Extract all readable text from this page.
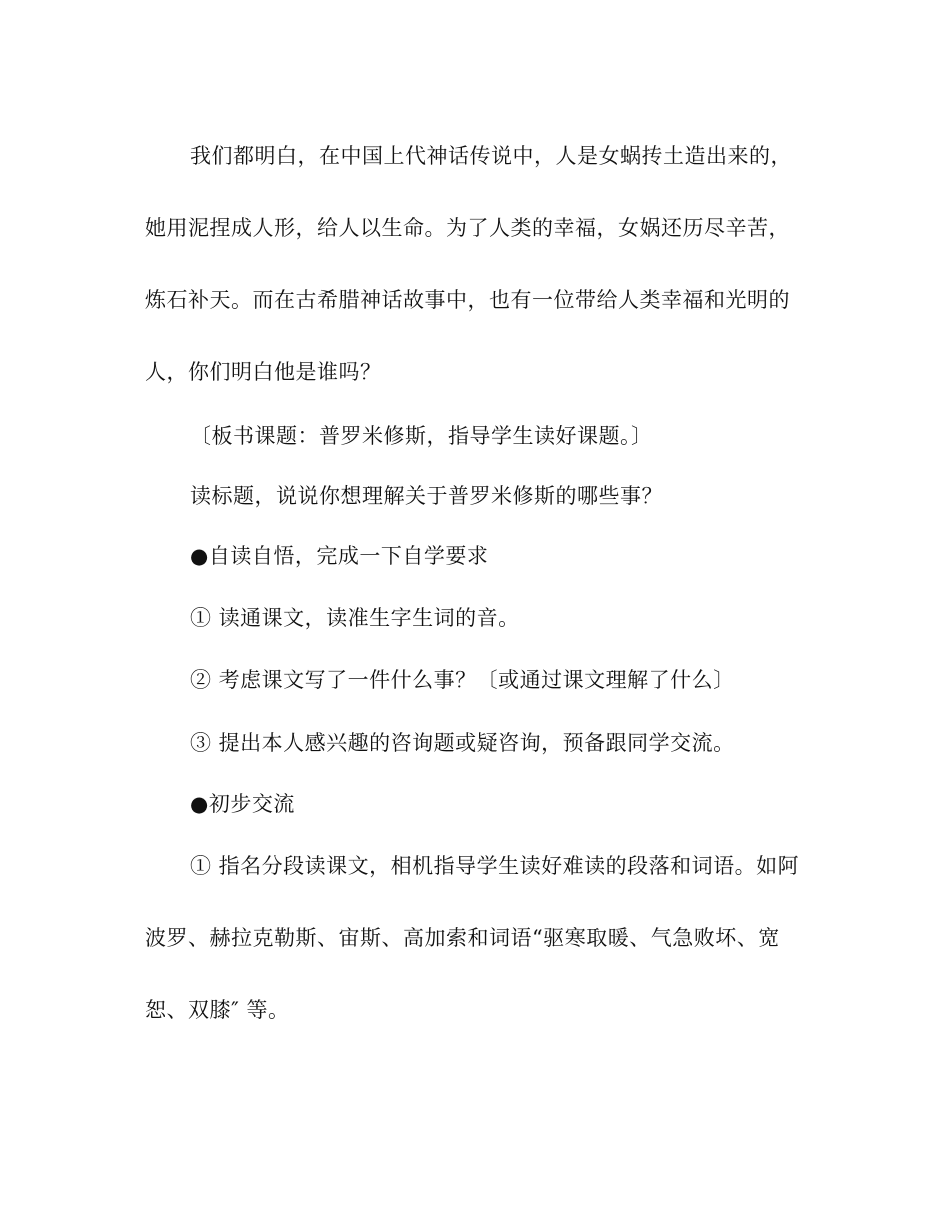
我们都明白，在中国上代神话传说中，人是女蜗抟土造出来的，
她用泥捏成人形，给人以生命。为了人类的幸福，女娲还历尽辛苦，
炼石补天。而在古希腊神话故事中，也有一位带给人类幸福和光明的
人，你们明白他是谁吗？
〔板书课题：普罗米修斯，指导学生读好课题。〕
读标题，说说你想理解关于普罗米修斯的哪些事？
●自读自悟，完成一下自学要求
① 读通课文，读准生字生词的音。
② 考虑课文写了一件什么事？〔或通过课文理解了什么〕
③ 提出本人感兴趣的咨询题或疑咨询，预备跟同学交流。
●初步交流
① 指名分段读课文，相机指导学生读好难读的段落和词语。如阿
波罗、赫拉克勒斯、宙斯、高加索和词语“驱寒取暖、气急败坏、宽
恕、双膝″ 等。
